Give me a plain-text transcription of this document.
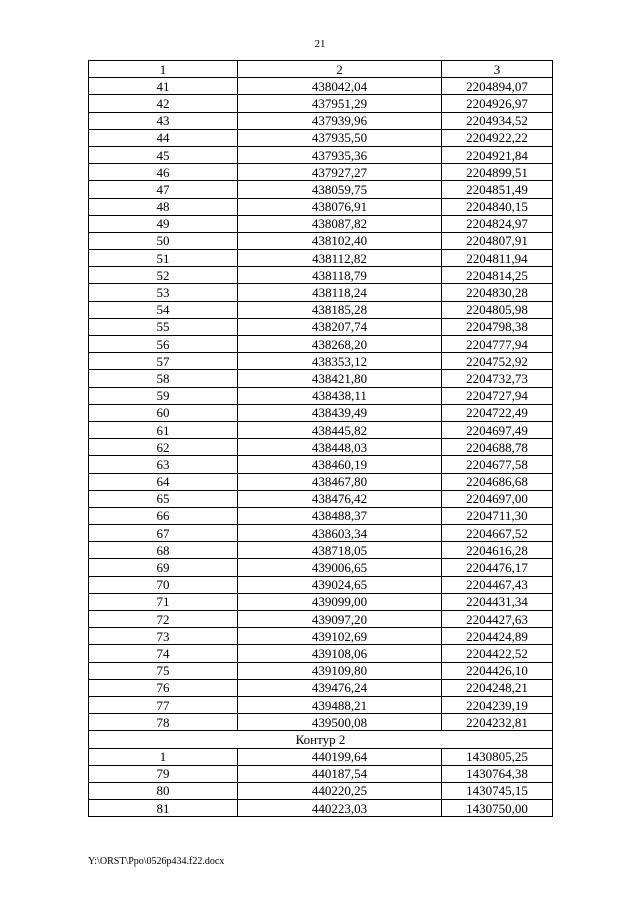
21
1	2	3
41	438042,04	2204894,07
42	437951,29	2204926,97
43	437939,96	2204934,52
44	437935,50	2204922,22
45	437935,36	2204921,84
46	437927,27	2204899,51
47	438059,75	2204851,49
48	438076,91	2204840,15
49	438087,82	2204824,97
50	438102,40	2204807,91
51	438112,82	2204811,94
52	438118,79	2204814,25
53	438118,24	2204830,28
54	438185,28	2204805,98
55	438207,74	2204798,38
56	438268,20	2204777,94
57	438353,12	2204752,92
58	438421,80	2204732,73
59	438438,11	2204727,94
60	438439,49	2204722,49
61	438445,82	2204697,49
62	438448,03	2204688,78
63	438460,19	2204677,58
64	438467,80	2204686,68
65	438476,42	2204697,00
66	438488,37	2204711,30
67	438603,34	2204667,52
68	438718,05	2204616,28
69	439006,65	2204476,17
70	439024,65	2204467,43
71	439099,00	2204431,34
72	439097,20	2204427,63
73	439102,69	2204424,89
74	439108,06	2204422,52
75	439109,80	2204426,10
76	439476,24	2204248,21
77	439488,21	2204239,19
78	439500,08	2204232,81
Контур 2		
1	440199,64	1430805,25
79	440187,54	1430764,38
80	440220,25	1430745,15
81	440223,03	1430750,00
Y:\ORST\Ppo\0526p434.f22.docx
